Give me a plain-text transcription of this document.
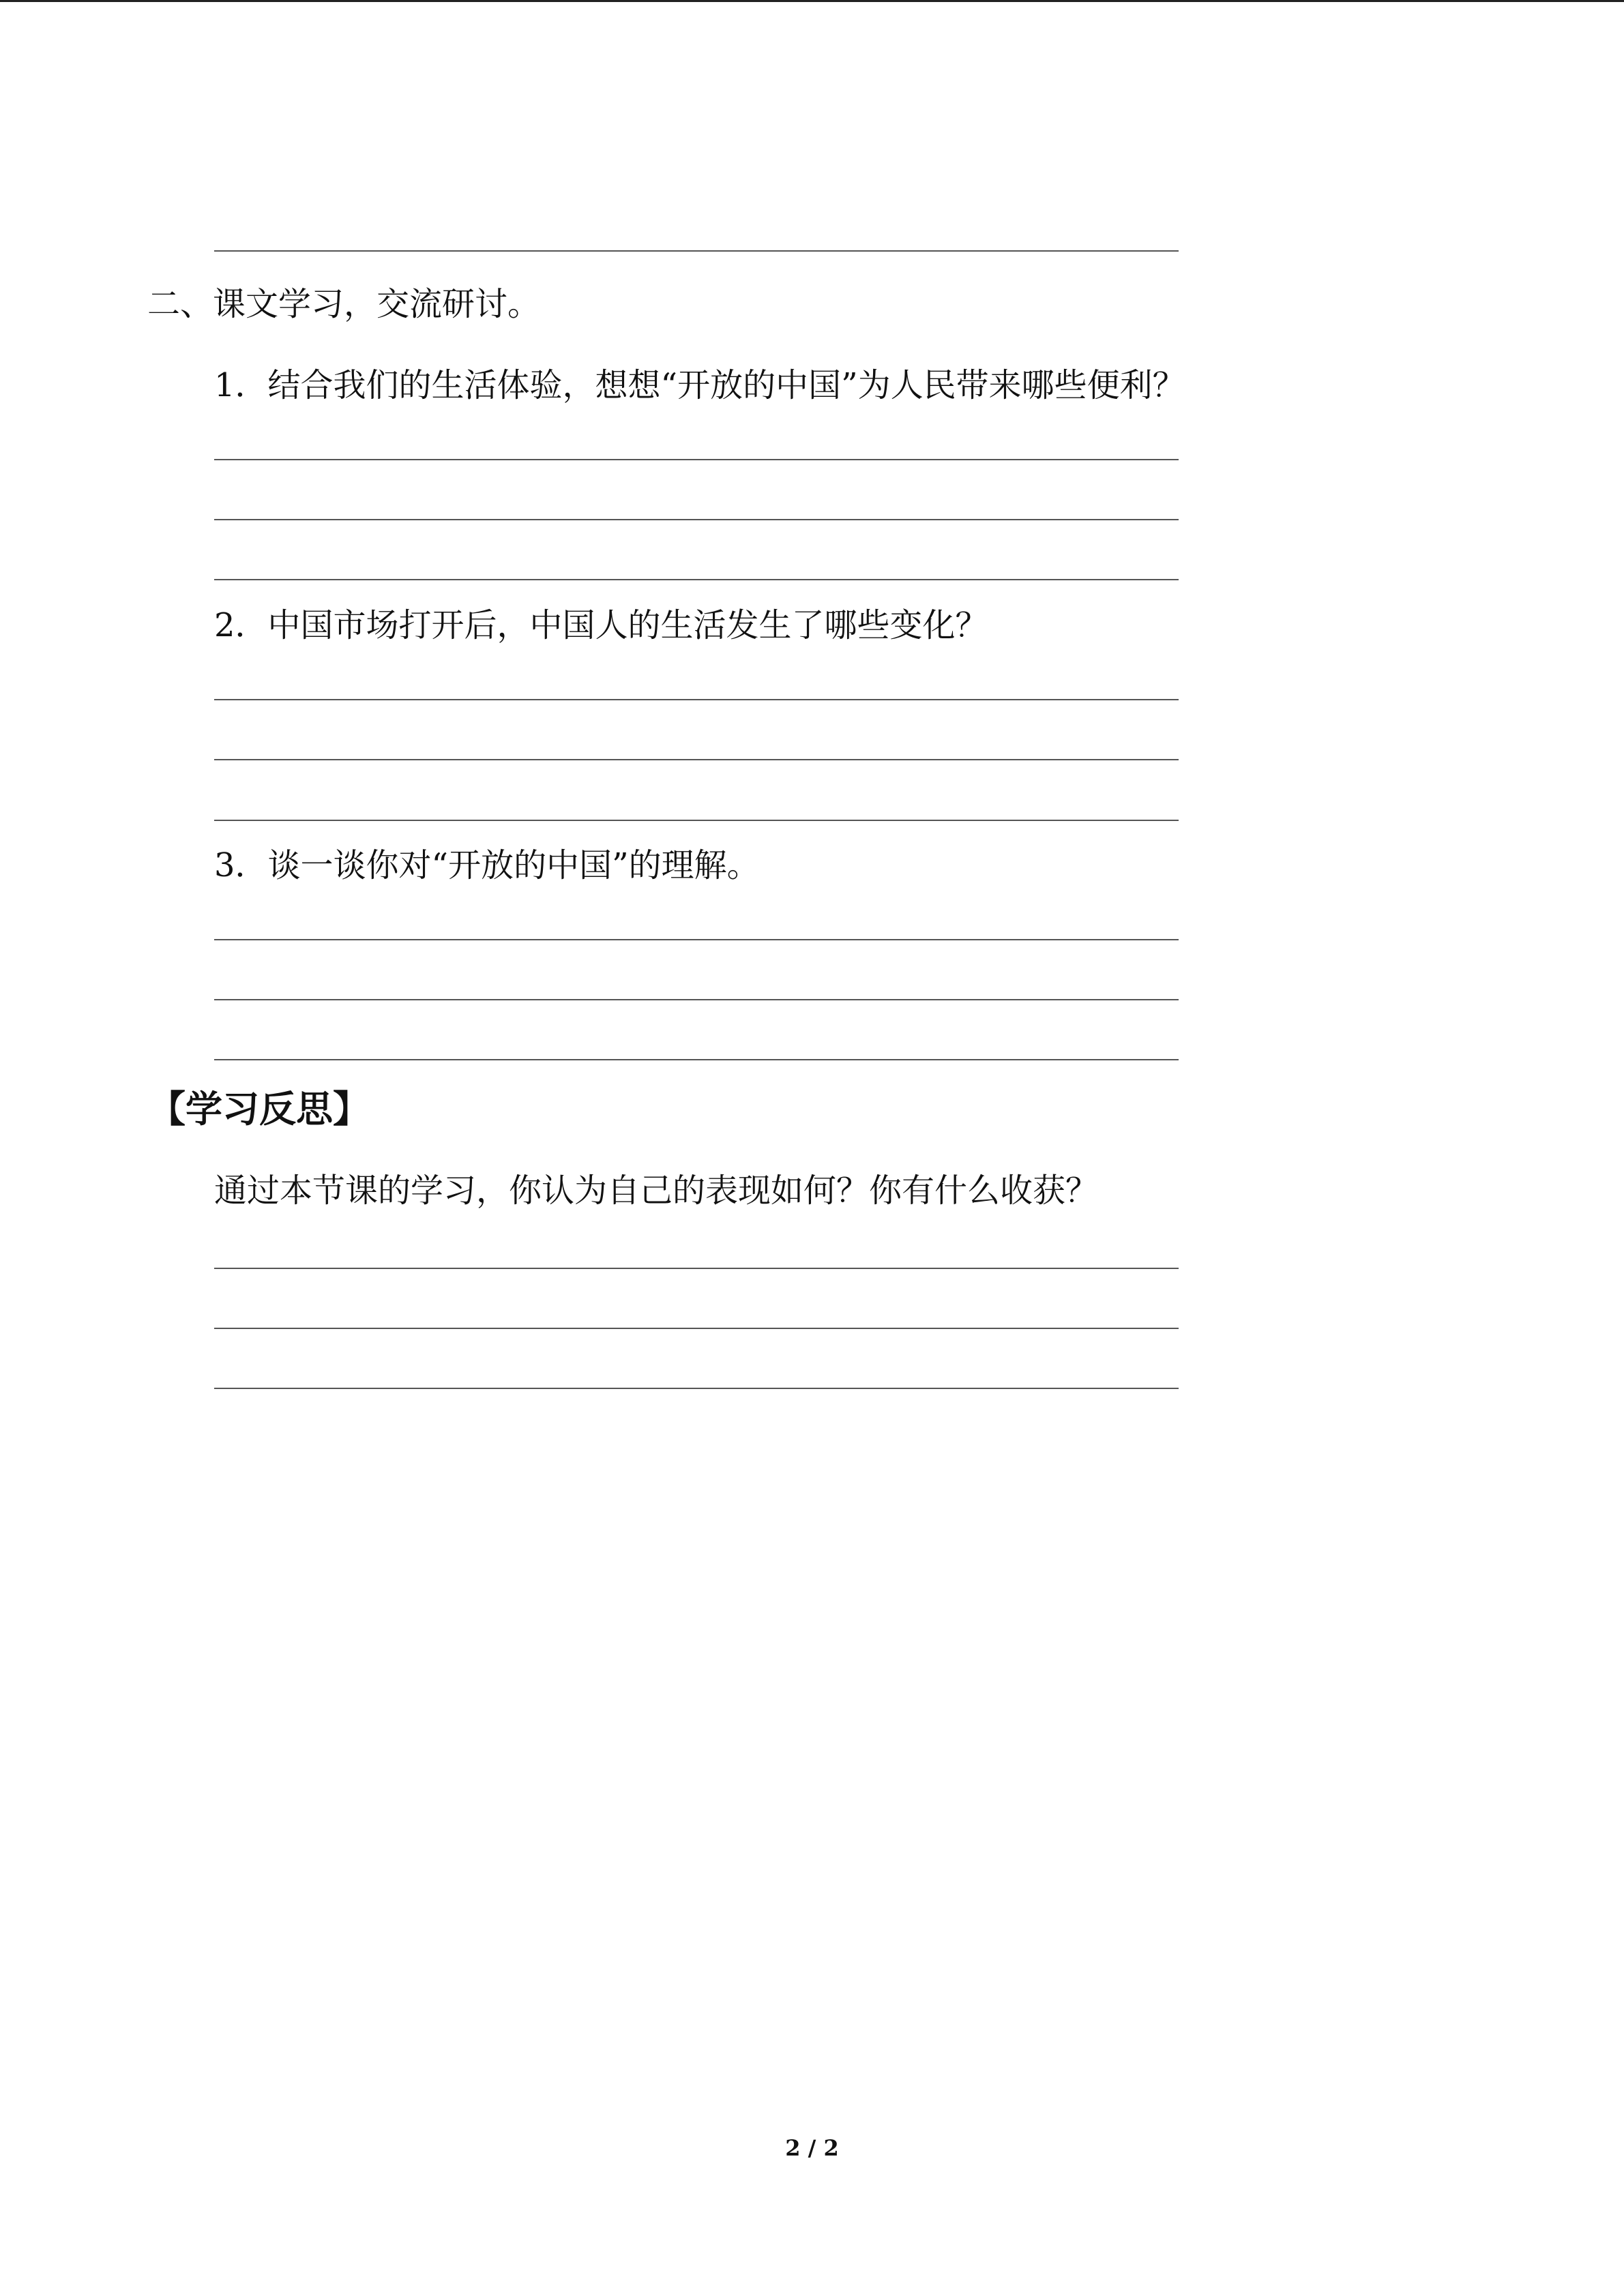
二、课文学习，交流研讨。
1．结合我们的生活体验，想想“开放的中国”为人民带来哪些便利？
2．中国市场打开后，中国人的生活发生了哪些变化？
3．谈一谈你对“开放的中国”的理解。
【学习反思】
通过本节课的学习，你认为自己的表现如何？你有什么收获？
2 / 2
